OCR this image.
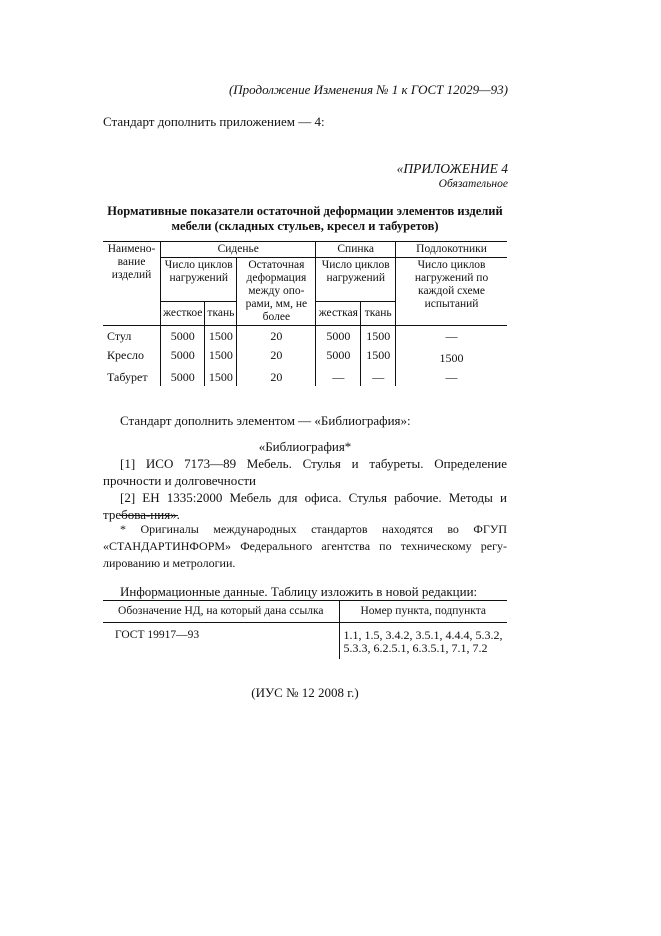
(Продолжение Изменения № 1 к ГОСТ 12029—93)
Стандарт дополнить приложением — 4:
«ПРИЛОЖЕНИЕ 4
Обязательное
Нормативные показатели остаточной деформации элементов изделий
мебели (складных стульев, кресел и табуретов)
Наимено-вание изделий	Сиденье			Спинка		Подлокотники
	Число циклов нагружений		Остаточная деформация между опо-рами, мм, не более	Число циклов нагружений		Число циклов нагружений по каждой схеме испытаний
	жесткое	ткань		жесткая	ткань	
Стул	5000	1500	20	5000	1500	—
Кресло	5000	1500	20	5000	1500	1500
Табурет	5000	1500	20	—	—	—
Стандарт дополнить элементом — «Библиография»:
«Библиография*
[1] ИСО 7173—89 Мебель. Стулья и табуреты. Определение прочности и долговечности
[2] ЕН 1335:2000 Мебель для офиса. Стулья рабочие. Методы и требова-ния».
* Оригиналы международных стандартов находятся во ФГУП «СТАНДАРТИНФОРМ» Федерального агентства по техническому регу-лированию и метрологии.
Информационные данные. Таблицу изложить в новой редакции:
Обозначение НД, на который дана ссылка	Номер пункта, подпункта
ГОСТ 19917—93	1.1, 1.5, 3.4.2, 3.5.1, 4.4.4, 5.3.2, 5.3.3, 6.2.5.1, 6.3.5.1, 7.1, 7.2
(ИУС № 12 2008 г.)
